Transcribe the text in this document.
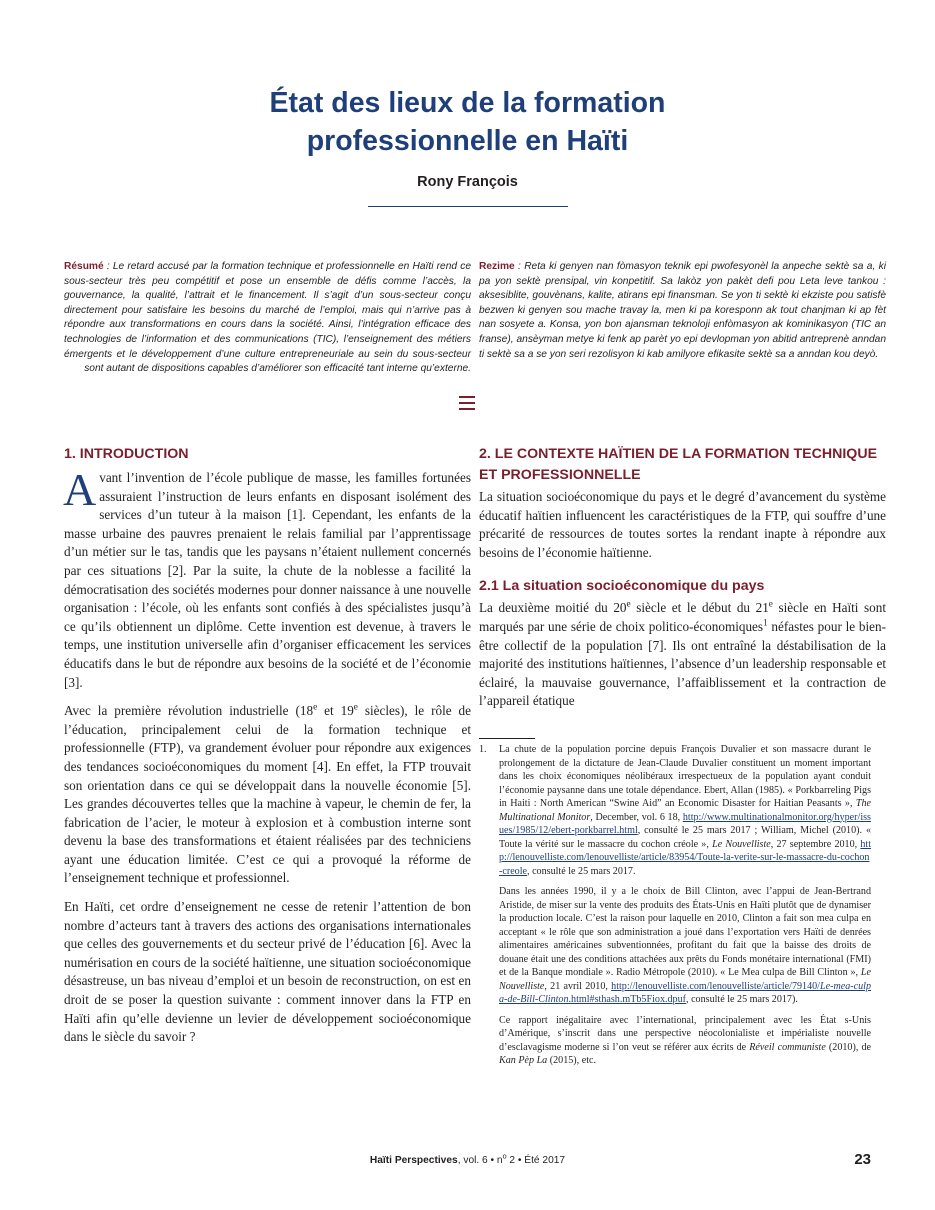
État des lieux de la formation
professionnelle en Haïti
Rony François

Résumé : Le retard accusé par la formation technique et professionnelle en Haïti rend ce sous-secteur très peu compétitif et pose un ensemble de défis comme l’accès, la gouvernance, la qualité, l’attrait et le financement. Il s’agit d’un sous-secteur conçu directement pour satisfaire les besoins du marché de l’emploi, mais qui n’arrive pas à répondre aux transformations en cours dans la société. Ainsi, l’intégration efficace des technologies de l’information et des communications (TIC), l’enseignement des métiers émergents et le développement d’une culture entrepreneuriale au sein du sous-secteur sont autant de dispositions capables d’améliorer son efficacité tant interne qu’externe.

Rezime : Reta ki genyen nan fòmasyon teknik epi pwofesyonèl la anpeche sektè sa a, ki pa yon sektè prensipal, vin konpetitif. Sa lakòz yon pakèt defi pou Leta leve tankou : aksesiblite, gouvènans, kalite, atirans epi finansman. Se yon ti sektè ki ekziste pou satisfè bezwen ki genyen sou mache travay la, men ki pa koresponn ak tout chanjman ki ap fèt nan sosyete a. Konsa, yon bon ajansman teknoloji enfòmasyon ak kominikasyon (TIC an franse), ansèyman metye ki fenk ap parèt yo epi devlopman yon abitid antreprenè anndan ti sektè sa a se yon seri rezolisyon ki kab amilyore efikasite sektè sa a anndan kou deyò.

1. INTRODUCTION

Avant l’invention de l’école publique de masse, les familles fortunées assuraient l’instruction de leurs enfants en disposant isolément des services d’un tuteur à la maison [1]. Cependant, les enfants de la masse urbaine des pauvres prenaient le relais familial par l’apprentissage d’un métier sur le tas, tandis que les paysans n’étaient nullement concernés par ces situations [2]. Par la suite, la chute de la noblesse a facilité la démocratisation des sociétés modernes pour donner naissance à une nouvelle organisation : l’école, où les enfants sont confiés à des spécialistes jusqu’à ce qu’ils obtiennent un diplôme. Cette invention est devenue, à travers le temps, une institution universelle afin d’organiser efficacement les services éducatifs dans le but de répondre aux besoins de la société et de l’économie [3].

Avec la première révolution industrielle (18e et 19e siècles), le rôle de l’éducation, principalement celui de la formation technique et professionnelle (FTP), va grandement évoluer pour répondre aux exigences des tendances socioéconomiques du moment [4]. En effet, la FTP trouvait son orientation dans ce qui se développait dans la nouvelle économie [5]. Les grandes découvertes telles que la machine à vapeur, le chemin de fer, la fabrication de l’acier, le moteur à explosion et à combustion interne sont devenu la base des transformations et étaient réalisées par des techniciens ayant une éducation limitée. C’est ce qui a provoqué la réforme de l’enseignement technique et professionnel.

En Haïti, cet ordre d’enseignement ne cesse de retenir l’attention de bon nombre d’acteurs tant à travers des actions des organisations internationales que celles des gouvernements et du secteur privé de l’éducation [6]. Avec la numérisation en cours de la société haïtienne, une situation socioéconomique désastreuse, un bas niveau d’emploi et un besoin de reconstruction, on est en droit de se poser la question suivante : comment innover dans la FTP en Haïti afin qu’elle devienne un levier de développement socioéconomique dans le siècle du savoir ?

2. LE CONTEXTE HAÏTIEN DE LA FORMATION TECHNIQUE ET PROFESSIONNELLE

La situation socioéconomique du pays et le degré d’avancement du système éducatif haïtien influencent les caractéristiques de la FTP, qui souffre d’une précarité de ressources de toutes sortes la rendant inapte à répondre aux besoins de l’économie haïtienne.

2.1 La situation socioéconomique du pays

La deuxième moitié du 20e siècle et le début du 21e siècle en Haïti sont marqués par une série de choix politico-économiques$^1$ néfastes pour le bien-être collectif de la population [7]. Ils ont entraîné la déstabilisation de la majorité des institutions haïtiennes, l’absence d’un leadership responsable et éclairé, la mauvaise gouvernance, l’affaiblissement et la contraction de l’appareil étatique

1. La chute de la population porcine depuis François Duvalier et son massacre durant le prolongement de la dictature de Jean-Claude Duvalier constituent un moment important dans les choix économiques néolibéraux irrespectueux de la population ayant conduit l’économie paysanne dans une totale dépendance. Ebert, Allan (1985). « Porkbarreling Pigs in Haiti : North American “Swine Aid” an Economic Disaster for Haitian Peasants », The Multinational Monitor, December, vol. 6 18, http://www.multinationalmonitor.org/hyper/issues/1985/12/ebert-porkbarrel.html, consulté le 25 mars 2017 ; William, Michel (2010). « Toute la vérité sur le massacre du cochon créole », Le Nouvelliste, 27 septembre 2010, http://lenouvelliste.com/lenouvelliste/article/83954/Toute-la-verite-sur-le-massacre-du-cochon-creole, consulté le 25 mars 2017.

Dans les années 1990, il y a le choix de Bill Clinton, avec l’appui de Jean-Bertrand Aristide, de miser sur la vente des produits des États-Unis en Haïti plutôt que de dynamiser la production locale. C’est la raison pour laquelle en 2010, Clinton a fait son mea culpa en acceptant « le rôle que son administration a joué dans l’exportation vers Haïti de denrées alimentaires américaines subventionnées, profitant du fait que la baisse des droits de douane était une des conditions attachées aux prêts du Fonds monétaire international (FMI) et de la Banque mondiale ». Radio Métropole (2010). « Le Mea culpa de Bill Clinton », Le Nouvelliste, 21 avril 2010, http://lenouvelliste.com/lenouvelliste/article/79140/Le-mea-culpa-de-Bill-Clinton.html#sthash.mTb5Fiox.dpuf, consulté le 25 mars 2017).

Ce rapport inégalitaire avec l’international, principalement avec les État s-Unis d’Amérique, s’inscrit dans une perspective néocolonialiste et impérialiste nouvelle d’esclavagisme moderne si l’on veut se référer aux écrits de Réveil communiste (2010), de Kan Pèp La (2015), etc.

Haïti Perspectives, vol. 6 • $n^o$ 2 • Été 2017	23
